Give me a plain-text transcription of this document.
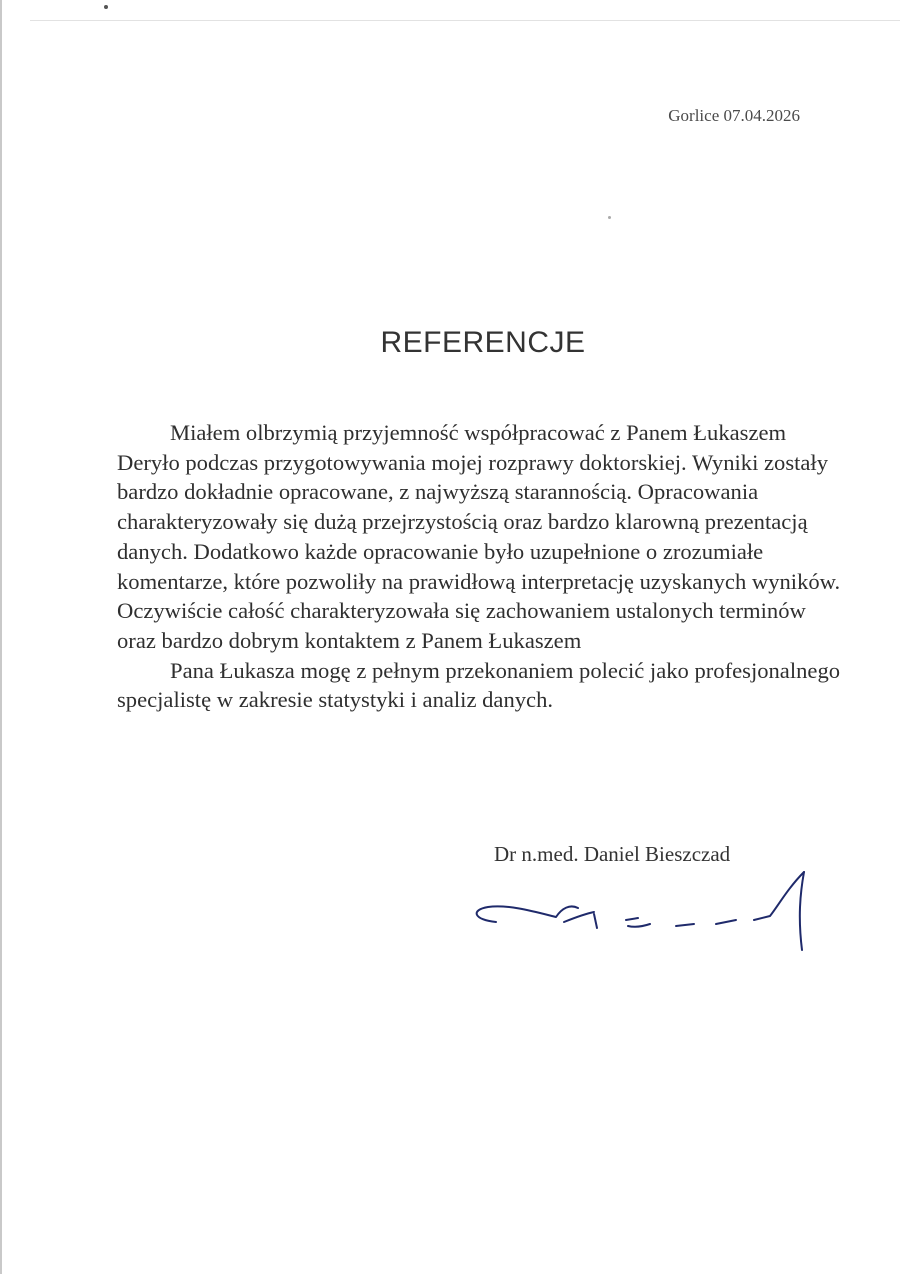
Gorlice 07.04.2026
REFERENCJE

Miałem olbrzymią przyjemność współpracować z Panem Łukaszem Deryło podczas przygotowywania mojej rozprawy doktorskiej. Wyniki zostały bardzo dokładnie opracowane, z najwyższą starannością. Opracowania charakteryzowały się dużą przejrzystością oraz bardzo klarowną prezentacją danych. Dodatkowo każde opracowanie było uzupełnione o zrozumiałe komentarze, które pozwoliły na prawidłową interpretację uzyskanych wyników. Oczywiście całość charakteryzowała się zachowaniem ustalonych terminów oraz bardzo dobrym kontaktem z Panem Łukaszem

Pana Łukasza mogę z pełnym przekonaniem polecić jako profesjonalnego specjalistę w zakresie statystyki i analiz danych.

Dr n.med. Daniel Bieszczad
